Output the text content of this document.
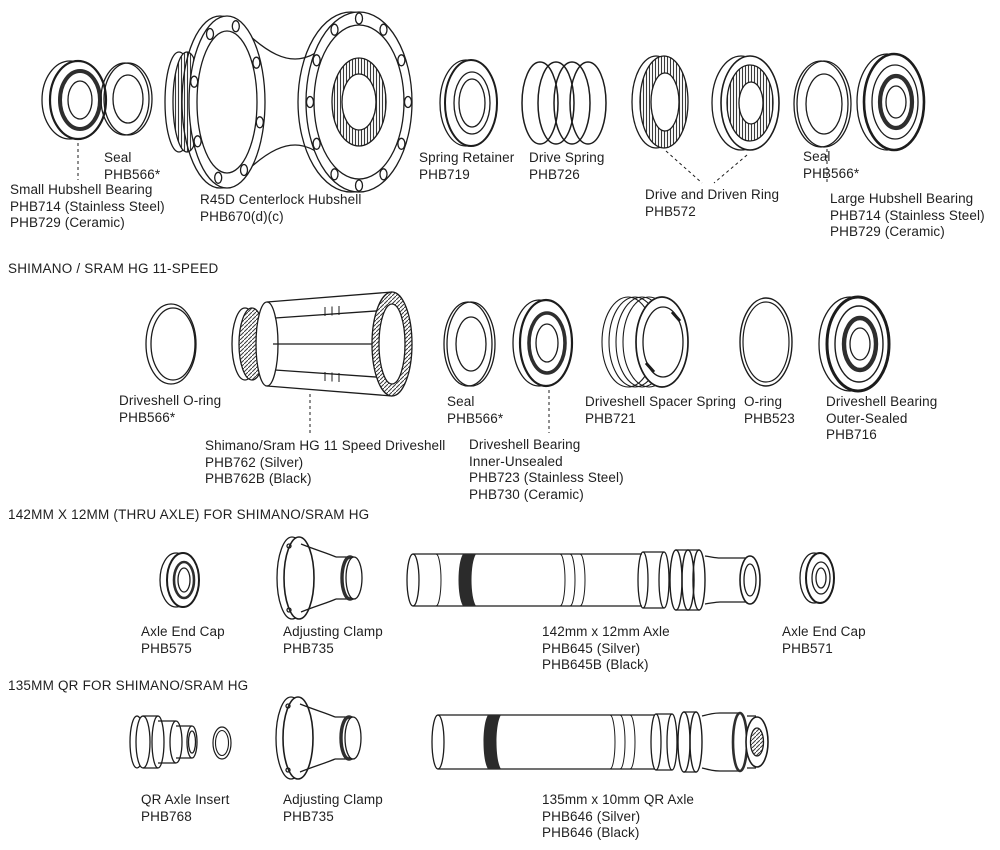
SHIMANO / SRAM HG 11-SPEED
142MM X 12MM (THRU AXLE) FOR SHIMANO/SRAM HG
135MM QR FOR SHIMANO/SRAM HG
Small Hubshell Bearing
PHB714 (Stainless Steel)
PHB729 (Ceramic)
Seal
PHB566*
R45D Centerlock Hubshell
PHB670(d)(c)
Spring Retainer
PHB719
Drive Spring
PHB726
Drive and Driven Ring
PHB572
Seal
PHB566*
Large Hubshell Bearing
PHB714 (Stainless Steel)
PHB729 (Ceramic)
Driveshell O-ring
PHB566*
Shimano/Sram HG 11 Speed Driveshell
PHB762 (Silver)
PHB762B (Black)
Seal
PHB566*
Driveshell Bearing
Inner-Unsealed
PHB723 (Stainless Steel)
PHB730 (Ceramic)
Driveshell Spacer Spring
PHB721
O-ring
PHB523
Driveshell Bearing
Outer-Sealed
PHB716
Axle End Cap
PHB575
Adjusting Clamp
PHB735
142mm x 12mm Axle
PHB645 (Silver)
PHB645B (Black)
Axle End Cap
PHB571
QR Axle Insert
PHB768
Adjusting Clamp
PHB735
135mm x 10mm QR Axle
PHB646 (Silver)
PHB646 (Black)
